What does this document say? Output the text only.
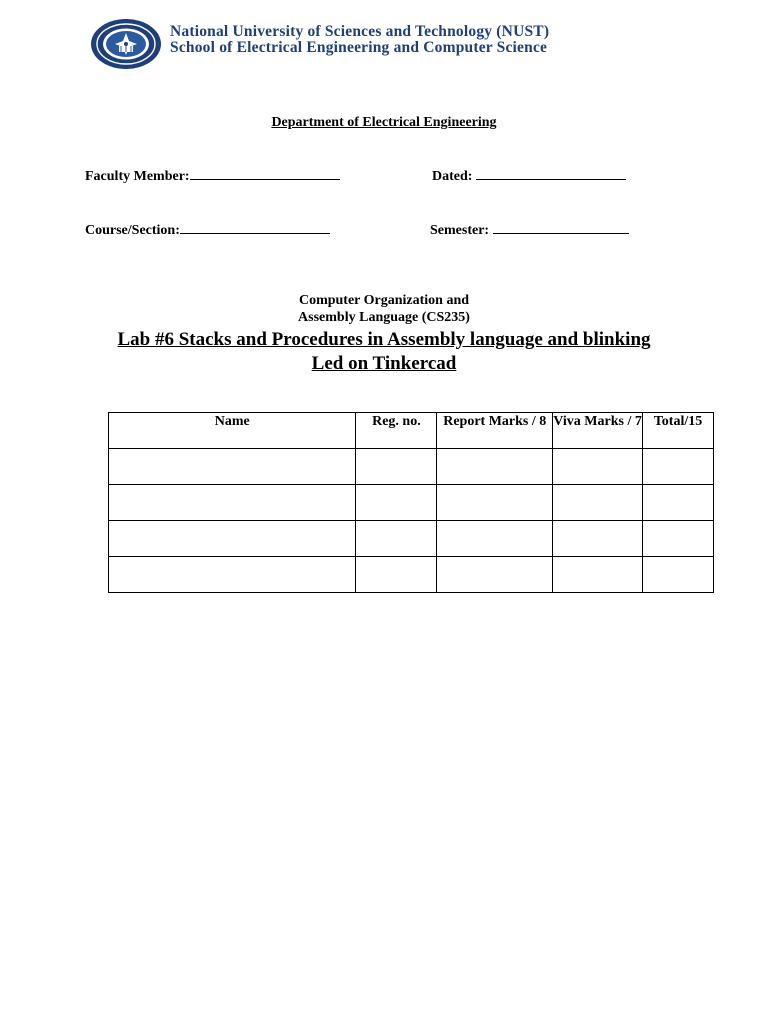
National University of Sciences and Technology (NUST)
School of Electrical Engineering and Computer Science
Department of Electrical Engineering
Faculty Member:	Dated:
Course/Section:	Semester:
Computer Organization and
Assembly Language (CS235)
Lab #6 Stacks and Procedures in Assembly language and blinking
Led on Tinkercad
Name	Reg. no.	Report Marks / 8	Viva Marks / 7	Total/15
